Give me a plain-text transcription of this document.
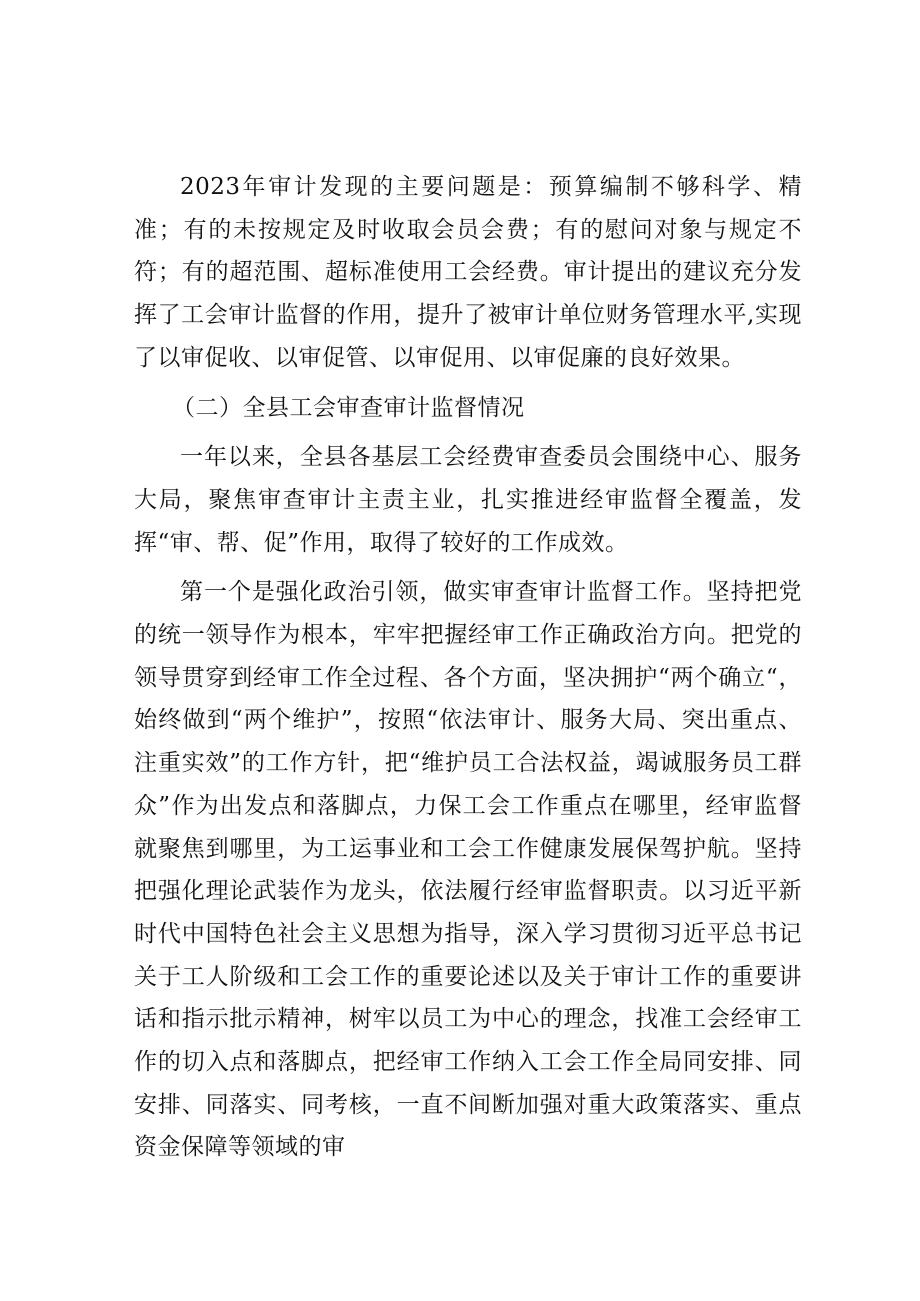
2023年审计发现的主要问题是：预算编制不够科学、精准；有的未按规定及时收取会员会费；有的慰问对象与规定不符；有的超范围、超标准使用工会经费。审计提出的建议充分发挥了工会审计监督的作用，提升了被审计单位财务管理水平,实现了以审促收、以审促管、以审促用、以审促廉的良好效果。

（二）全县工会审查审计监督情况

一年以来，全县各基层工会经费审查委员会围绕中心、服务大局，聚焦审查审计主责主业，扎实推进经审监督全覆盖，发挥“审、帮、促”作用，取得了较好的工作成效。

第一个是强化政治引领，做实审查审计监督工作。坚持把党的统一领导作为根本，牢牢把握经审工作正确政治方向。把党的领导贯穿到经审工作全过程、各个方面，坚决拥护“两个确立“，始终做到“两个维护”，按照“依法审计、服务大局、突出重点、注重实效”的工作方针，把“维护员工合法权益，竭诚服务员工群众”作为出发点和落脚点，力保工会工作重点在哪里，经审监督就聚焦到哪里，为工运事业和工会工作健康发展保驾护航。坚持把强化理论武装作为龙头，依法履行经审监督职责。以习近平新时代中国特色社会主义思想为指导，深入学习贯彻习近平总书记关于工人阶级和工会工作的重要论述以及关于审计工作的重要讲话和指示批示精神，树牢以员工为中心的理念，找准工会经审工作的切入点和落脚点，把经审工作纳入工会工作全局同安排、同安排、同落实、同考核，一直不间断加强对重大政策落实、重点资金保障等领域的审
